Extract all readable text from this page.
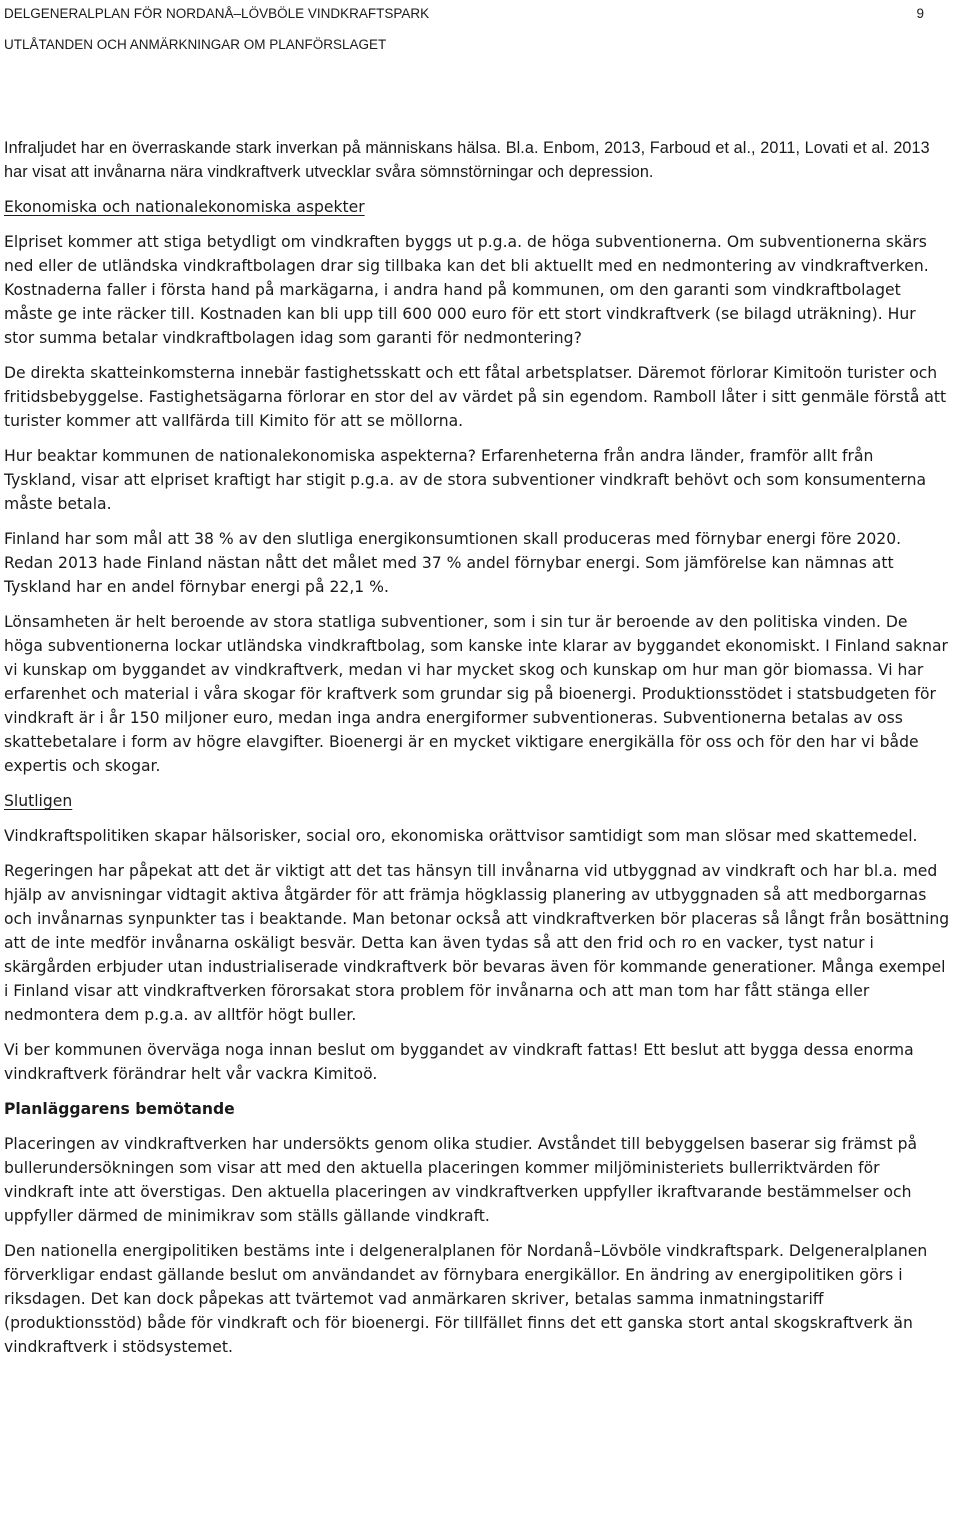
DELGENERALPLAN FÖR NORDANÅ–LÖVBÖLE VINDKRAFTSPARK	9
UTLÅTANDEN OCH ANMÄRKNINGAR OM PLANFÖRSLAGET

Infraljudet har en överraskande stark inverkan på människans hälsa. Bl.a. Enbom, 2013, Farboud et al., 2011, Lovati et al. 2013 har visat att invånarna nära vindkraftverk utvecklar svåra sömnstörningar och depression.

Ekonomiska och nationalekonomiska aspekter

Elpriset kommer att stiga betydligt om vindkraften byggs ut p.g.a. de höga subventionerna. Om subventionerna skärs ned eller de utländska vindkraftbolagen drar sig tillbaka kan det bli aktuellt med en nedmontering av vindkraftverken. Kostnaderna faller i första hand på markägarna, i andra hand på kommunen, om den garanti som vindkraftbolaget måste ge inte räcker till. Kostnaden kan bli upp till 600 000 euro för ett stort vindkraftverk (se bilagd uträkning). Hur stor summa betalar vindkraftbolagen idag som garanti för nedmontering?

De direkta skatteinkomsterna innebär fastighetsskatt och ett fåtal arbetsplatser. Däremot förlorar Kimitoön turister och fritidsbebyggelse. Fastighetsägarna förlorar en stor del av värdet på sin egendom. Ramboll låter i sitt genmäle förstå att turister kommer att vallfärda till Kimito för att se möllorna.

Hur beaktar kommunen de nationalekonomiska aspekterna? Erfarenheterna från andra länder, framför allt från Tyskland, visar att elpriset kraftigt har stigit p.g.a. av de stora subventioner vindkraft behövt och som konsumenterna måste betala.

Finland har som mål att 38 % av den slutliga energikonsumtionen skall produceras med förnybar energi före 2020. Redan 2013 hade Finland nästan nått det målet med 37 % andel förnybar energi. Som jämförelse kan nämnas att Tyskland har en andel förnybar energi på 22,1 %.

Lönsamheten är helt beroende av stora statliga subventioner, som i sin tur är beroende av den politiska vinden. De höga subventionerna lockar utländska vindkraftbolag, som kanske inte klarar av byggandet ekonomiskt. I Finland saknar vi kunskap om byggandet av vindkraftverk, medan vi har mycket skog och kunskap om hur man gör biomassa. Vi har erfarenhet och material i våra skogar för kraftverk som grundar sig på bioenergi. Produktionsstödet i statsbudgeten för vindkraft är i år 150 miljoner euro, medan inga andra energiformer subventioneras. Subventionerna betalas av oss skattebetalare i form av högre elavgifter. Bioenergi är en mycket viktigare energikälla för oss och för den har vi både expertis och skogar.

Slutligen

Vindkraftspolitiken skapar hälsorisker, social oro, ekonomiska orättvisor samtidigt som man slösar med skattemedel.

Regeringen har påpekat att det är viktigt att det tas hänsyn till invånarna vid utbyggnad av vindkraft och har bl.a. med hjälp av anvisningar vidtagit aktiva åtgärder för att främja högklassig planering av utbyggnaden så att medborgarnas och invånarnas synpunkter tas i beaktande. Man betonar också att vindkraftverken bör placeras så långt från bosättning att de inte medför invånarna oskäligt besvär. Detta kan även tydas så att den frid och ro en vacker, tyst natur i skärgården erbjuder utan industrialiserade vindkraftverk bör bevaras även för kommande generationer. Många exempel i Finland visar att vindkraftverken förorsakat stora problem för invånarna och att man tom har fått stänga eller nedmontera dem p.g.a. av alltför högt buller.

Vi ber kommunen överväga noga innan beslut om byggandet av vindkraft fattas! Ett beslut att bygga dessa enorma vindkraftverk förändrar helt vår vackra Kimitoö.

Planläggarens bemötande

Placeringen av vindkraftverken har undersökts genom olika studier. Avståndet till bebyggelsen baserar sig främst på bullerundersökningen som visar att med den aktuella placeringen kommer miljöministeriets bullerriktvärden för vindkraft inte att överstigas. Den aktuella placeringen av vindkraftverken uppfyller ikraftvarande bestämmelser och uppfyller därmed de minimikrav som ställs gällande vindkraft.

Den nationella energipolitiken bestäms inte i delgeneralplanen för Nordanå–Lövböle vindkraftspark. Delgeneralplanen förverkligar endast gällande beslut om användandet av förnybara energikällor. En ändring av energipolitiken görs i riksdagen. Det kan dock påpekas att tvärtemot vad anmärkaren skriver, betalas samma inmatningstariff (produktionsstöd) både för vindkraft och för bioenergi. För tillfället finns det ett ganska stort antal skogskraftverk än vindkraftverk i stödsystemet.
